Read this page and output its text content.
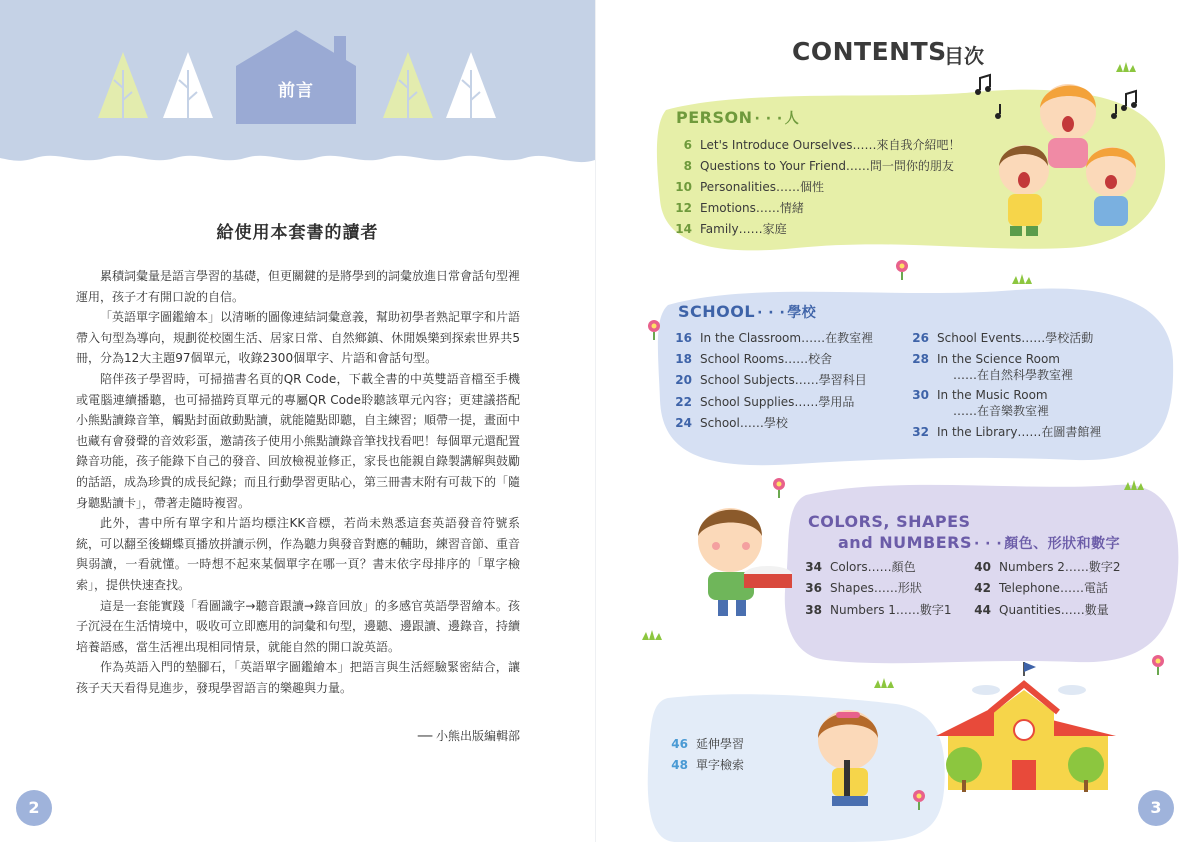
前言
給使用本套書的讀者

累積詞彙量是語言學習的基礎，但更關鍵的是將學到的詞彙放進日常會話句型裡運用，孩子才有開口說的自信。

「英語單字圖鑑繪本」以清晰的圖像連結詞彙意義，幫助初學者熟記單字和片語帶入句型為導向，規劃從校園生活、居家日常、自然鄉鎮、休閒娛樂到探索世界共5冊，分為12大主題97個單元，收錄2300個單字、片語和會話句型。

陪伴孩子學習時，可掃描書名頁的QR Code，下載全書的中英雙語音檔至手機或電腦連續播聽，也可掃描跨頁單元的專屬QR Code聆聽該單元內容；更建議搭配小熊點讀錄音筆，觸點封面啟動點讀，就能隨點即聽，自主練習；順帶一提，畫面中也藏有會發聲的音效彩蛋，邀請孩子使用小熊點讀錄音筆找找看吧！每個單元還配置錄音功能，孩子能錄下自己的發音、回放檢視並修正，家長也能親自錄製講解與鼓勵的話語，成為珍貴的成長紀錄；而且行動學習更貼心，第三冊書末附有可裁下的「隨身聽點讀卡」，帶著走隨時複習。

此外，書中所有單字和片語均標注KK音標，若尚未熟悉這套英語發音符號系統，可以翻至後蝴蝶頁播放拼讀示例，作為聽力與發音對應的輔助，練習音節、重音與弱讀，一看就懂。一時想不起來某個單字在哪一頁？書末依字母排序的「單字檢索」，提供快速查找。

這是一套能實踐「看圖識字→聽音跟讀→錄音回放」的多感官英語學習繪本。孩子沉浸在生活情境中，吸收可立即應用的詞彙和句型，邊聽、邊跟讀、邊錄音，持續培養語感，當生活裡出現相同情景，就能自然的開口說英語。

作為英語入門的墊腳石，「英語單字圖鑑繪本」把語言與生活經驗緊密結合，讓孩子天天看得見進步，發現學習語言的樂趣與力量。

── 小熊出版編輯部
2
CONTENTS
目次
PERSON · · · 人
6 Let's Introduce Ourselves……來自我介紹吧！
8 Questions to Your Friend……問一問你的朋友
10 Personalities……個性
12 Emotions……情緒
14 Family……家庭
SCHOOL · · · 學校
16 In the Classroom……在教室裡
18 School Rooms……校舍
20 School Subjects……學習科目
22 School Supplies……學用品
24 School……學校
26 School Events……學校活動
28 In the Science Room
……在自然科學教室裡
30 In the Music Room
……在音樂教室裡
32 In the Library……在圖書館裡
COLORS, SHAPES
and NUMBERS · · · 顏色、形狀和數字
34 Colors……顏色
36 Shapes……形狀
38 Numbers 1……數字1
40 Numbers 2……數字2
42 Telephone……電話
44 Quantities……數量
46 延伸學習
48 單字檢索
3
